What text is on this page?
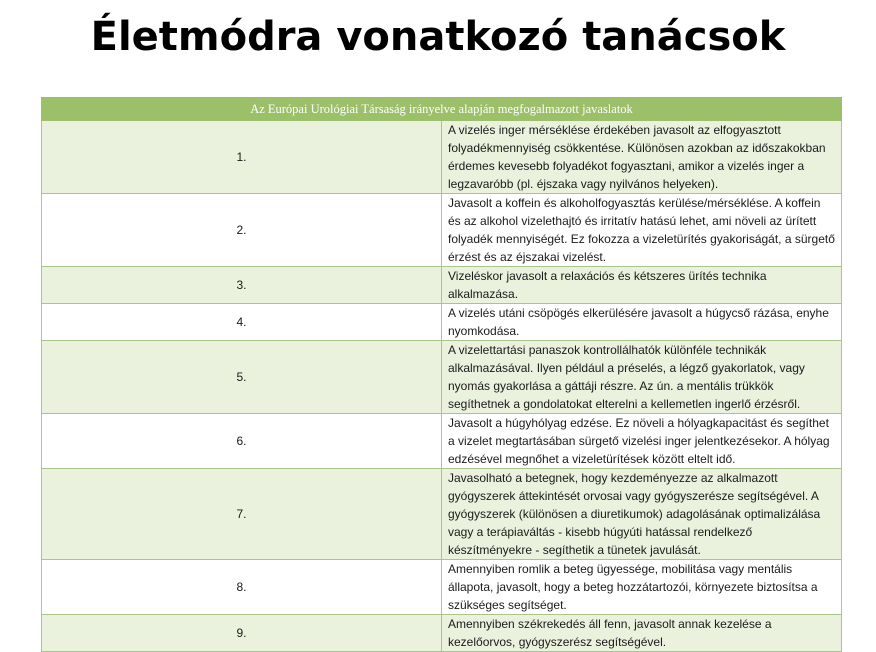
Életmódra vonatkozó tanácsok
Az Európai Urológiai Társaság irányelve alapján megfogalmazott javaslatok	
1.	A vizelés inger mérséklése érdekében javasolt az elfogyasztott folyadékmennyiség csökkentése. Különösen azokban az időszakokban érdemes kevesebb folyadékot fogyasztani, amikor a vizelés inger a legzavaróbb (pl. éjszaka vagy nyilvános helyeken).
2.	Javasolt a koffein és alkoholfogyasztás kerülése/mérséklése. A koffein és az alkohol vizelethajtó és irritatív hatású lehet, ami növeli az ürített folyadék mennyiségét. Ez fokozza a vizeletürítés gyakoriságát, a sürgető érzést és az éjszakai vizelést.
3.	Vizeléskor javasolt a relaxációs és kétszeres ürítés technika alkalmazása.
4.	A vizelés utáni csöpögés elkerülésére javasolt a húgycső rázása, enyhe nyomkodása.
5.	A vizelettartási panaszok kontrollálhatók különféle technikák alkalmazásával. Ilyen például a préselés, a légző gyakorlatok, vagy nyomás gyakorlása a gáttáji részre. Az ún. a mentális trükkök segíthetnek a gondolatokat elterelni a kellemetlen ingerlő érzésről.
6.	Javasolt a húgyhólyag edzése. Ez növeli a hólyagkapacitást és segíthet a vizelet megtartásában sürgető vizelési inger jelentkezésekor. A hólyag edzésével megnőhet a vizeletürítések között eltelt idő.
7.	Javasolható a betegnek, hogy kezdeményezze az alkalmazott gyógyszerek áttekintését orvosai vagy gyógyszerésze segítségével. A gyógyszerek (különösen a diuretikumok) adagolásának optimalizálása vagy a terápiaváltás - kisebb húgyúti hatással rendelkező készítményekre - segíthetik a tünetek javulását.
8.	Amennyiben romlik a beteg ügyessége, mobilitása vagy mentális állapota, javasolt, hogy a beteg hozzátartozói, környezete biztosítsa a szükséges segítséget.
9.	Amennyiben székrekedés áll fenn, javasolt annak kezelése a kezelőorvos, gyógyszerész segítségével.
